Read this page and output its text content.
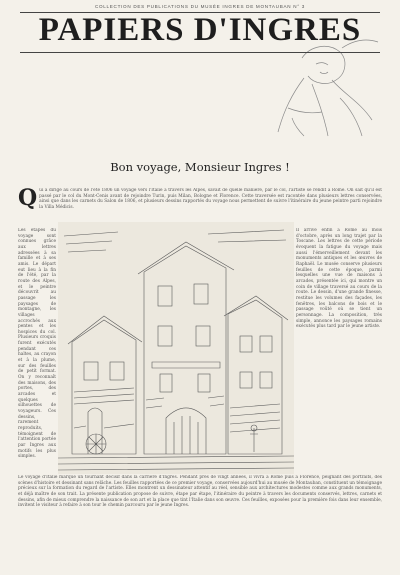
COLLECTION DES PUBLICATIONS DU MUSÉE INGRES DE MONTAUBAN N° 3
PAPIERS D'INGRES
Bon voyage, Monsieur Ingres !
Q ui a dirigé au cours de l'été 1806 un voyage vers l'Italie à travers les Alpes, savait de quelle manière, par le col, l'artiste se rendit à Rome. On sait qu'il est passé par le col du Mont-Cenis avant de rejoindre Turin, puis Milan, Bologne et Florence. Cette traversée est racontée dans plusieurs lettres conservées, ainsi que dans les carnets du Salon de 1806, et plusieurs dessins rapportés du voyage nous permettent de suivre l'itinéraire du jeune peintre parti rejoindre la Villa Médicis.

Les étapes du voyage sont connues grâce aux lettres adressées à sa famille et à ses amis. Le départ eut lieu à la fin de l'été, par la route des Alpes, et le peintre découvrit au passage les paysages de montagne, les villages accrochés aux pentes et les hospices du col. Plusieurs croquis furent exécutés pendant ces haltes, au crayon et à la plume, sur des feuilles de petit format. On y reconnaît des maisons, des portes, des arcades et quelques silhouettes de voyageurs. Ces dessins, rarement reproduits, témoignent de l'attention portée par Ingres aux motifs les plus simples.

Il arrive enfin à Rome au mois d'octobre, après un long trajet par la Toscane. Les lettres de cette période évoquent la fatigue du voyage mais aussi l'émerveillement devant les monuments antiques et les œuvres de Raphaël. Le musée conserve plusieurs feuilles de cette époque, parmi lesquelles une vue de maisons à arcades, présentée ici, qui montre un coin de village traversé au cours de la route. Le dessin, d'une grande finesse, restitue les volumes des façades, les fenêtres, les balcons de bois et le passage voûté où se tient un personnage. La composition, très simple, annonce les paysages romains exécutés plus tard par le jeune artiste.

Le voyage d'Italie marque un tournant décisif dans la carrière d'Ingres. Pendant près de vingt années, il vivra à Rome puis à Florence, peignant des portraits, des scènes d'histoire et dessinant sans relâche. Les feuilles rapportées de ce premier voyage, conservées aujourd'hui au musée de Montauban, constituent un témoignage précieux sur la formation du regard de l'artiste. Elles montrent un dessinateur attentif au réel, sensible aux architectures modestes comme aux grands monuments, et déjà maître de son trait. La présente publication propose de suivre, étape par étape, l'itinéraire du peintre à travers les documents conservés, lettres, carnets et dessins, afin de mieux comprendre la naissance de son art et la place que tint l'Italie dans son œuvre. Ces feuilles, exposées pour la première fois dans leur ensemble, invitent le visiteur à refaire à son tour le chemin parcouru par le jeune Ingres.
